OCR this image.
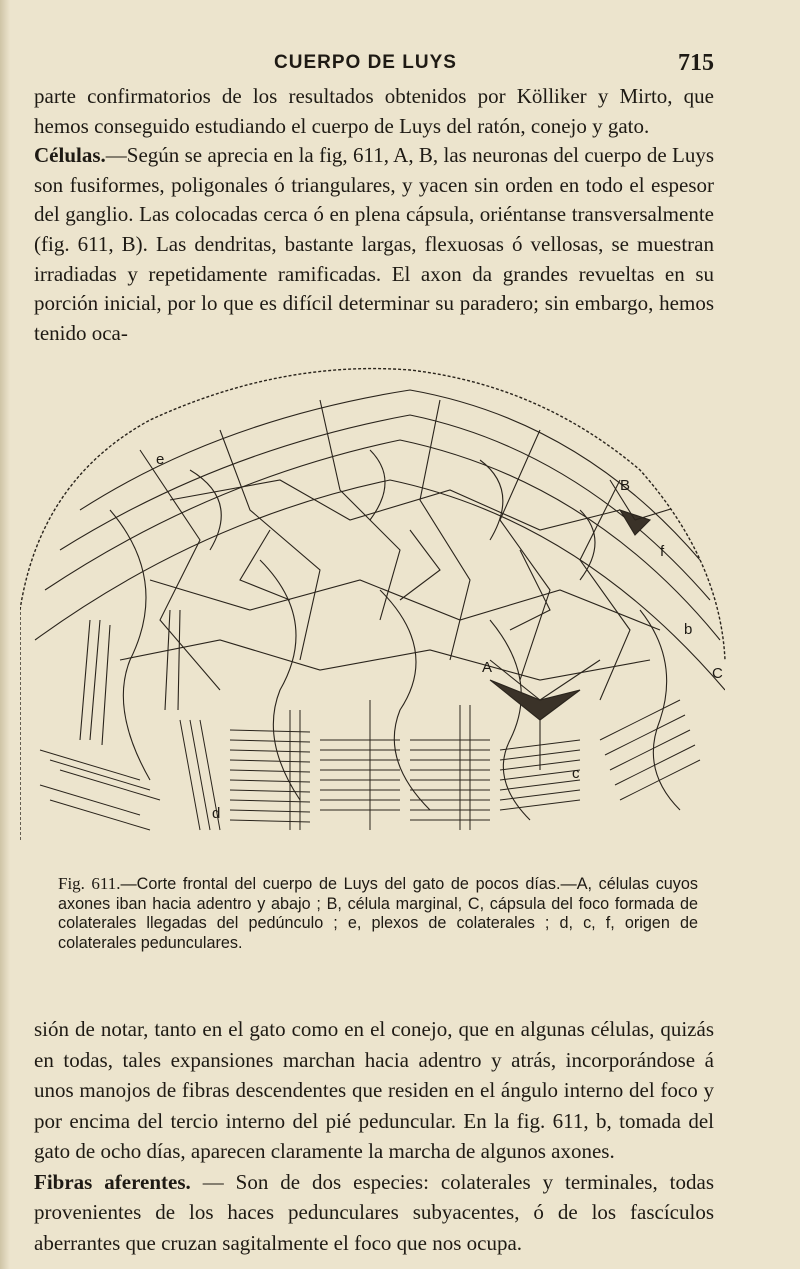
CUERPO DE LUYS	715

parte confirmatorios de los resultados obtenidos por Kölliker y Mirto, que hemos conseguido estudiando el cuerpo de Luys del ratón, conejo y gato.

Células.—Según se aprecia en la fig, 611, A, B, las neuronas del cuerpo de Luys son fusiformes, poligonales ó triangulares, y yacen sin orden en todo el espesor del ganglio. Las colocadas cerca ó en plena cápsula, oriéntanse transversalmente (fig. 611, B). Las dendritas, bastante largas, flexuosas ó vellosas, se muestran irradiadas y repetidamente ramificadas. El axon da grandes revueltas en su porción inicial, por lo que es difícil determinar su paradero; sin embargo, hemos tenido oca-

e
B
b
C
A
d
c
f
Fig. 611.—Corte frontal del cuerpo de Luys del gato de pocos días.—A, células cuyos axones iban hacia adentro y abajo ; B, célula marginal, C, cápsula del foco formada de colaterales llegadas del pedúnculo ; e, plexos de colaterales ; d, c, f, origen de colaterales pedunculares.

sión de notar, tanto en el gato como en el conejo, que en algunas células, quizás en todas, tales expansiones marchan hacia adentro y atrás, incorporándose á unos manojos de fibras descendentes que residen en el ángulo interno del foco y por encima del tercio interno del pié peduncular. En la fig. 611, b, tomada del gato de ocho días, aparecen claramente la marcha de algunos axones.

Fibras aferentes. — Son de dos especies: colaterales y terminales, todas provenientes de los haces pedunculares subyacentes, ó de los fascículos aberrantes que cruzan sagitalmente el foco que nos ocupa.
